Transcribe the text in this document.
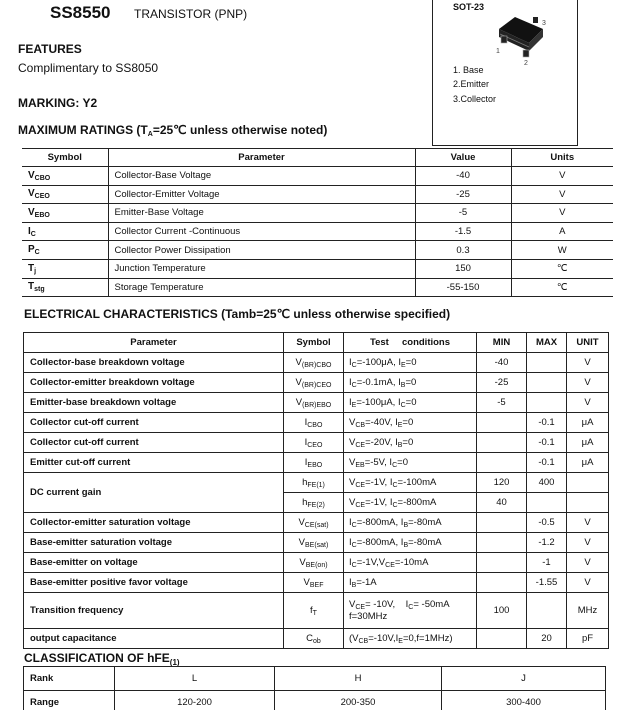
SS8550 TRANSISTOR (PNP)
FEATURES
Complimentary to SS8050
MARKING: Y2
SOT-23
1
2
3
1. Base
2.Emitter
3.Collector
MAXIMUM RATINGS ($T_A=25℃$ unless otherwise noted)
Symbol	Parameter	Value	Units
$V_{CBO}$	Collector-Base Voltage	-40	V
$V_{CEO}$	Collector-Emitter Voltage	-25	V
$V_{EBO}$	Emitter-Base Voltage	-5	V
$I_C$	Collector Current -Continuous	-1.5	A
$P_C$	Collector Power Dissipation	0.3	W
$T_j$	Junction Temperature	150	℃
$T_{stg}$	Storage Temperature	-55-150	℃
ELECTRICAL CHARACTERISTICS (Tamb=25℃ unless otherwise specified)
Parameter	Symbol	Test     conditions	MIN	MAX	UNIT
Collector-base breakdown voltage	$V_{(BR)CBO}$	$I_C=-100\mu A$, $I_E=0$	-40		V
Collector-emitter breakdown voltage	$V_{(BR)CEO}$	$I_C=-0.1mA$, $I_B=0$	-25		V
Emitter-base breakdown voltage	$V_{(BR)EBO}$	$I_E=-100\mu A$, $I_C=0$	-5		V
Collector cut-off current	$I_{CBO}$	$V_{CB}=-40V$, $I_E=0$		-0.1	μA
Collector cut-off current	$I_{CEO}$	$V_{CE}=-20V$, $I_B=0$		-0.1	μA
Emitter cut-off current	$I_{EBO}$	$V_{EB}=-5V$, $I_C=0$		-0.1	μA
DC current gain	$h_{FE(1)}$	$V_{CE}=-1V$, $I_C=-100mA$	120	400	
	$h_{FE(2)}$	$V_{CE}=-1V$, $I_C=-800mA$	40		
Collector-emitter saturation voltage	$V_{CE(sat)}$	$I_C=-800mA$, $I_B=-80mA$		-0.5	V
Base-emitter saturation voltage	$V_{BE(sat)}$	$I_C=-800mA$, $I_B=-80mA$		-1.2	V
Base-emitter on voltage	$V_{BE(on)}$	$I_C=-1V,V_{CE}=-10mA$		-1	V
Base-emitter positive favor voltage	$V_{BEF}$	$I_B=-1A$		-1.55	V
Transition frequency	$f_T$	$V_{CE}= -10V$,    $I_C= -50mA$
f=30MHz	100		MHz
output capacitance	$C_{ob}$	$(V_{CB}=-10V,I_E=0,f=1MHz)$		20	pF
CLASSIFICATION OF hFE$_{(1)}$
Rank	L	H	J
Range	120-200	200-350	300-400
